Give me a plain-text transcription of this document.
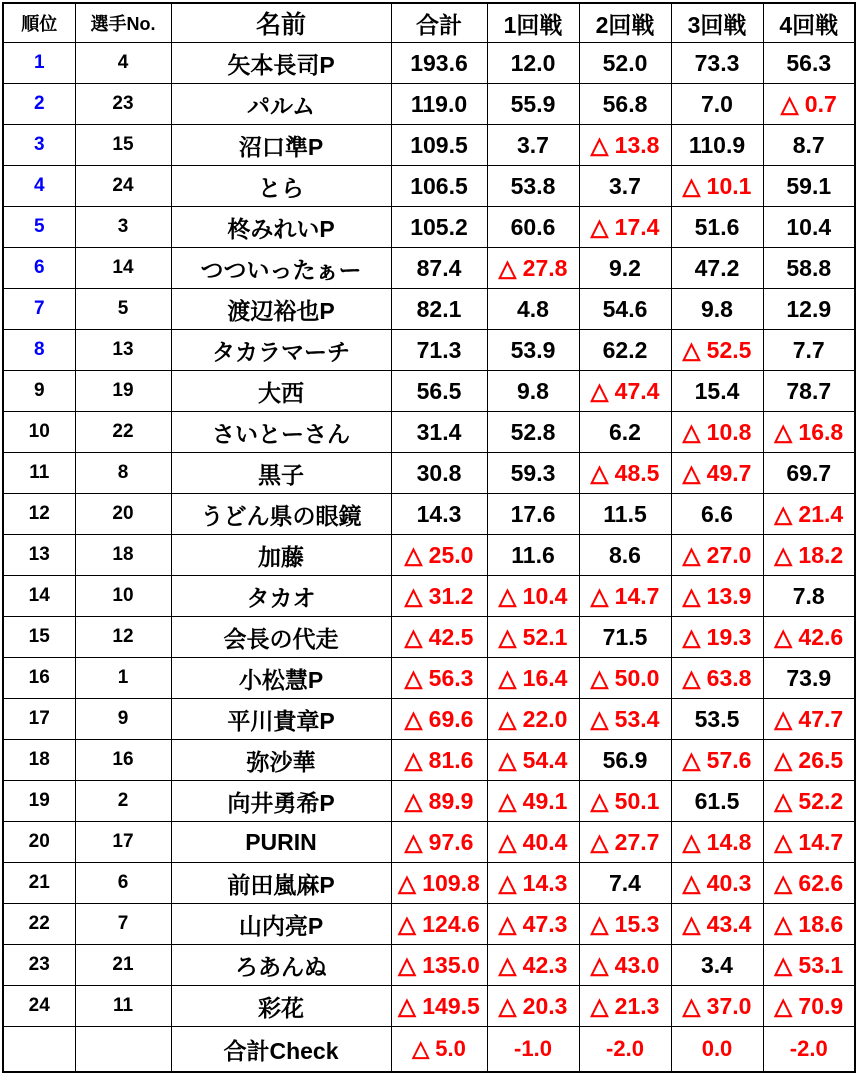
順位	選手No.	名前	合計	1回戦	2回戦	3回戦	4回戦
1	4	矢本長司P	193.6	12.0	52.0	73.3	56.3
2	23	パルム	119.0	55.9	56.8	7.0	△ 0.7
3	15	沼口準P	109.5	3.7	△ 13.8	110.9	8.7
4	24	とら	106.5	53.8	3.7	△ 10.1	59.1
5	3	柊みれいP	105.2	60.6	△ 17.4	51.6	10.4
6	14	つついったぁー	87.4	△ 27.8	9.2	47.2	58.8
7	5	渡辺裕也P	82.1	4.8	54.6	9.8	12.9
8	13	タカラマーチ	71.3	53.9	62.2	△ 52.5	7.7
9	19	大西	56.5	9.8	△ 47.4	15.4	78.7
10	22	さいとーさん	31.4	52.8	6.2	△ 10.8	△ 16.8
11	8	黒子	30.8	59.3	△ 48.5	△ 49.7	69.7
12	20	うどん県の眼鏡	14.3	17.6	11.5	6.6	△ 21.4
13	18	加藤	△ 25.0	11.6	8.6	△ 27.0	△ 18.2
14	10	タカオ	△ 31.2	△ 10.4	△ 14.7	△ 13.9	7.8
15	12	会長の代走	△ 42.5	△ 52.1	71.5	△ 19.3	△ 42.6
16	1	小松慧P	△ 56.3	△ 16.4	△ 50.0	△ 63.8	73.9
17	9	平川貴章P	△ 69.6	△ 22.0	△ 53.4	53.5	△ 47.7
18	16	弥沙華	△ 81.6	△ 54.4	56.9	△ 57.6	△ 26.5
19	2	向井勇希P	△ 89.9	△ 49.1	△ 50.1	61.5	△ 52.2
20	17	PURIN	△ 97.6	△ 40.4	△ 27.7	△ 14.8	△ 14.7
21	6	前田嵐麻P	△ 109.8	△ 14.3	7.4	△ 40.3	△ 62.6
22	7	山内亮P	△ 124.6	△ 47.3	△ 15.3	△ 43.4	△ 18.6
23	21	ろあんぬ	△ 135.0	△ 42.3	△ 43.0	3.4	△ 53.1
24	11	彩花	△ 149.5	△ 20.3	△ 21.3	△ 37.0	△ 70.9
		合計Check	△ 5.0	-1.0	-2.0	0.0	-2.0
